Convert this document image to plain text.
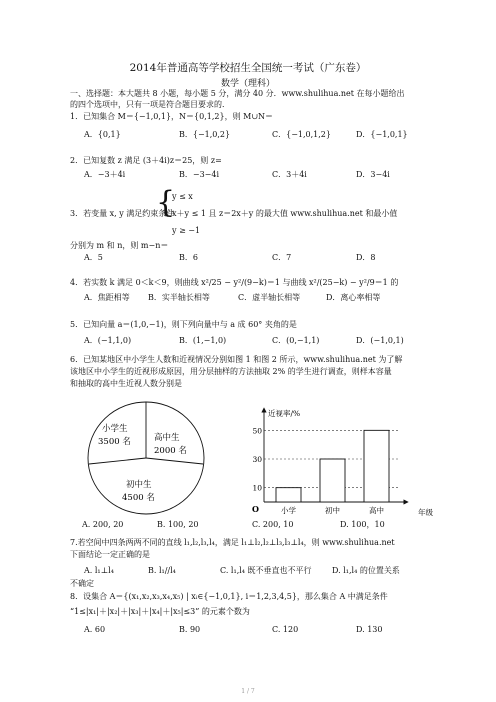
2014年普通高等学校招生全国统一考试（广东卷）
数学（理科）
一、选择题：本大题共 8 小题，每小题 5 分，满分 40 分．www.shulihua.net 在每小题给出
的四个选项中，只有一项是符合题目要求的．
1．已知集合 M＝{−1,0,1}，N＝{0,1,2}，则 M∪N＝
A．{0,1}	B．{−1,0,2}	C．{−1,0,1,2}	D．{−1,0,1}
2．已知复数 z 满足 (3＋4i)z＝25，则 z=
A．−3＋4i	B．−3−4i	C．3＋4i	D．3−4i
3．若变量 x, y 满足约束条件
{
y ≤ x
x＋y ≤ 1 且 z＝2x＋y 的最大值 www.shulihua.net 和最小值
y ≥ −1
分别为 m 和 n，则 m−n＝
A．5	B．6	C．7	D．8
4．若实数 k 满足 0＜k＜9，则曲线 x²/25 − y²/(9−k)＝1 与曲线 x²/(25−k) − y²/9＝1 的
A．焦距相等 B．实半轴长相等	C．虚半轴长相等	D．离心率相等
5．已知向量 a＝(1,0,−1)，则下列向量中与 a 成 60° 夹角的是
A．(−1,1,0)	B．(1,−1,0)	C．(0,−1,1)	D．(−1,0,1)
6．已知某地区中小学生人数和近视情况分别如图 1 和图 2 所示，www.shulihua.net 为了解
该地区中小学生的近视形成原因，用分层抽样的方法抽取 2% 的学生进行调查，则样本容量
和抽取的高中生近视人数分别是
小学生
3500 名	高中生
2000 名
初中生
4500 名
近视率/%
年级
O
10
30
50
小学	初中	高中
A. 200, 20	B. 100, 20	C. 200, 10	D. 100，10
7.若空间中四条两两不同的直线 l₁,l₂,l₃,l₄，满足 l₁⊥l₂,l₂⊥l₃,l₃⊥l₄，则 www.shulihua.net
下面结论一定正确的是
A. l₁⊥l₄	B. l₁//l₄	C. l₁,l₄ 既不垂直也不平行	D. l₁,l₄ 的位置关系
不确定
8．设集合 A＝{(x₁,x₂,x₃,x₄,x₅) | xᵢ∈{−1,0,1}, i＝1,2,3,4,5}，那么集合 A 中满足条件
“1≤|x₁|＋|x₂|＋|x₃|＋|x₄|＋|x₅|≤3” 的元素个数为
A. 60	B. 90	C. 120	D. 130
1 / 7
